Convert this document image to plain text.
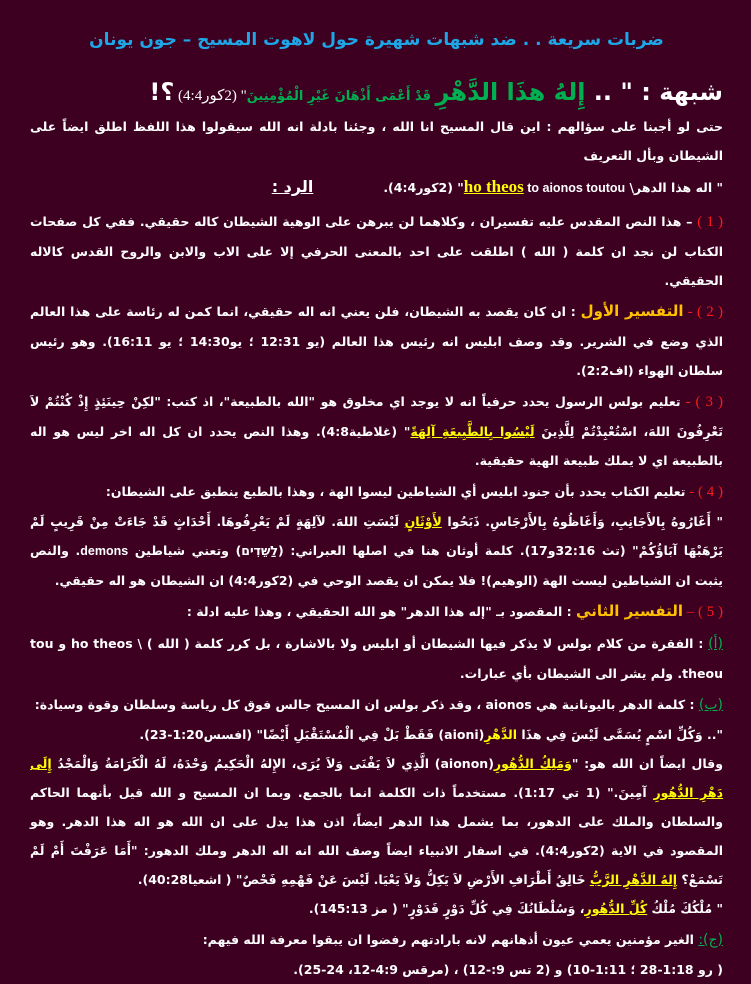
ضربات سريعة . . ضد شبهات شهيرة حول لاهوت المسيح – جون يونان
شبهة : " .. إِلهُ هذَا الدَّهْرِ قَدْ أَعْمَى أَذْهَانَ غَيْرِ الْمُؤْمِنِينَ" (2كور4:4) ؟!
حتى لو أجبنا على سؤالهم : اين قال المسيح انا الله ، وجئنا بادلة انه الله سيقولوا هذا اللفظ اطلق ايضاً على الشيطان وبأل التعريف
" اله هذا الدهر\ ho theos to aionos toutou" (2كور4:4).
الرد :
( 1 ) – هذا النص المقدس عليه تفسيران ، وكلاهما لن يبرهن على الوهية الشيطان كاله حقيقي. ففي كل صفحات الكتاب لن نجد ان كلمة ( الله ) اطلقت على احد بالمعنى الحرفي إلا على الاب والابن والروح القدس كالاله الحقيقي.
( 2 ) - التفسير الأول : ان كان يقصد به الشيطان، فلن يعني انه اله حقيقي، انما كمن له رئاسة على هذا العالم الذي وضع في الشرير. وقد وصف ابليس انه رئيس هذا العالم (يو 12:31 ؛ يو14:30 ؛ يو 16:11). وهو رئيس سلطان الهواء (اف2:2).
( 3 ) - تعليم بولس الرسول يحدد حرفياً انه لا يوجد اي مخلوق هو "الله بالطبيعة"، اذ كتب: "لكِنْ حِينَئِذٍ إِذْ كُنْتُمْ لاَ تَعْرِفُونَ اللهَ، اسْتُعْبِدْتُمْ لِلَّذِينَ لَيْسُوا بِالطَّبِيعَةِ آلِهَةً" (غلاطية4:8). وهذا النص يحدد ان كل اله اخر ليس هو اله بالطبيعة اي لا يملك طبيعة الهية حقيقية.
( 4 ) - تعليم الكتاب يحدد بأن جنود ابليس أي الشياطين ليسوا الهة ، وهذا بالطبع ينطبق على الشيطان:
" أَغَارُوهُ بِالأَجَانِبِ، وَأَغَاظُوهُ بِالأَرْجَاسِ. ذَبَحُوا لأَوْثَانٍ لَيْسَتِ اللهَ. لآلِهَةٍ لَمْ يَعْرِفُوهَا. أَحْدَاثٍ قَدْ جَاءَتْ مِنْ قَرِيبٍ لَمْ يَرْهَبْهَا آبَاؤُكُمْ" (تث 32:16و17). كلمة أوثان هنا في اصلها العبراني: (לַשֵּׁדִים) وتعني شياطين demons. والنص يثبت ان الشياطين ليست الهة (الوهيم)! فلا يمكن ان يقصد الوحي في (2كور4:4) ان الشيطان هو اله حقيقي.
( 5 ) – التفسير الثاني : المقصود بـ "إله هذا الدهر" هو الله الحقيقي ، وهذا عليه ادلة :
(أ) : الفقرة من كلام بولس لا يذكر فيها الشيطان أو ابليس ولا بالاشارة ، بل كرر كلمة ( الله ) \ ho theos و tou theou. ولم يشر الى الشيطان بأي عبارات.
(ب) : كلمة الدهر باليونانية هي aionos ، وقد ذكر بولس ان المسيح جالس فوق كل رياسة وسلطان وقوة وسيادة:
".. وَكُلِّ اسْمٍ يُسَمَّى لَيْسَ فِي هذَا الدَّهْرِ(aioni) فَقَطْ بَلْ فِي الْمُسْتَقْبَلِ أَيْضًا" (افسس1:20-23).
وقال ايضاً ان الله هو: "وَمَلِكُ الدُّهُورِ(aionon) الَّذِي لاَ يَفْنَى وَلاَ يُرَى، الإِلهُ الْحَكِيمُ وَحْدَهُ، لَهُ الْكَرَامَةُ وَالْمَجْدُ إِلَى دَهْرِ الدُّهُورِ آمِينَ." (1 تي 1:17). مستخدماً ذات الكلمة انما بالجمع. وبما ان المسيح و الله قيل بأنهما الحاكم والسلطان والملك على الدهور، بما يشمل هذا الدهر ايضاً، اذن هذا يدل على ان الله هو اله هذا الدهر. وهو المقصود في الاية (2كور4:4). في اسفار الانبياء ايضاً وصف الله انه اله الدهر وملك الدهور: "أَمَا عَرَفْتَ أَمْ لَمْ تَسْمَعْ؟ إِلهُ الدَّهْرِ الرَّبُّ خَالِقُ أَطْرَافِ الأَرْضِ لاَ يَكِلُّ وَلاَ يَعْيَا. لَيْسَ عَنْ فَهْمِهِ فَحْصٌ" ( اشعيا40:28).
" مُلْكُكَ مُلْكُ كُلِّ الدُّهُورِ، وَسُلْطَانُكَ فِي كُلِّ دَوْرٍ فَدَوْرٍ" ( مز 145:13).
(ج): الغير مؤمنين يعمي عيون أذهانهم لانه بارادتهم رفضوا ان يبقوا معرفة الله فيهم:
( رو 1:18-28 ؛ 1:11-10) و (2 تس 9:-12) ، (مرقس 4:9-12، 24-25).
